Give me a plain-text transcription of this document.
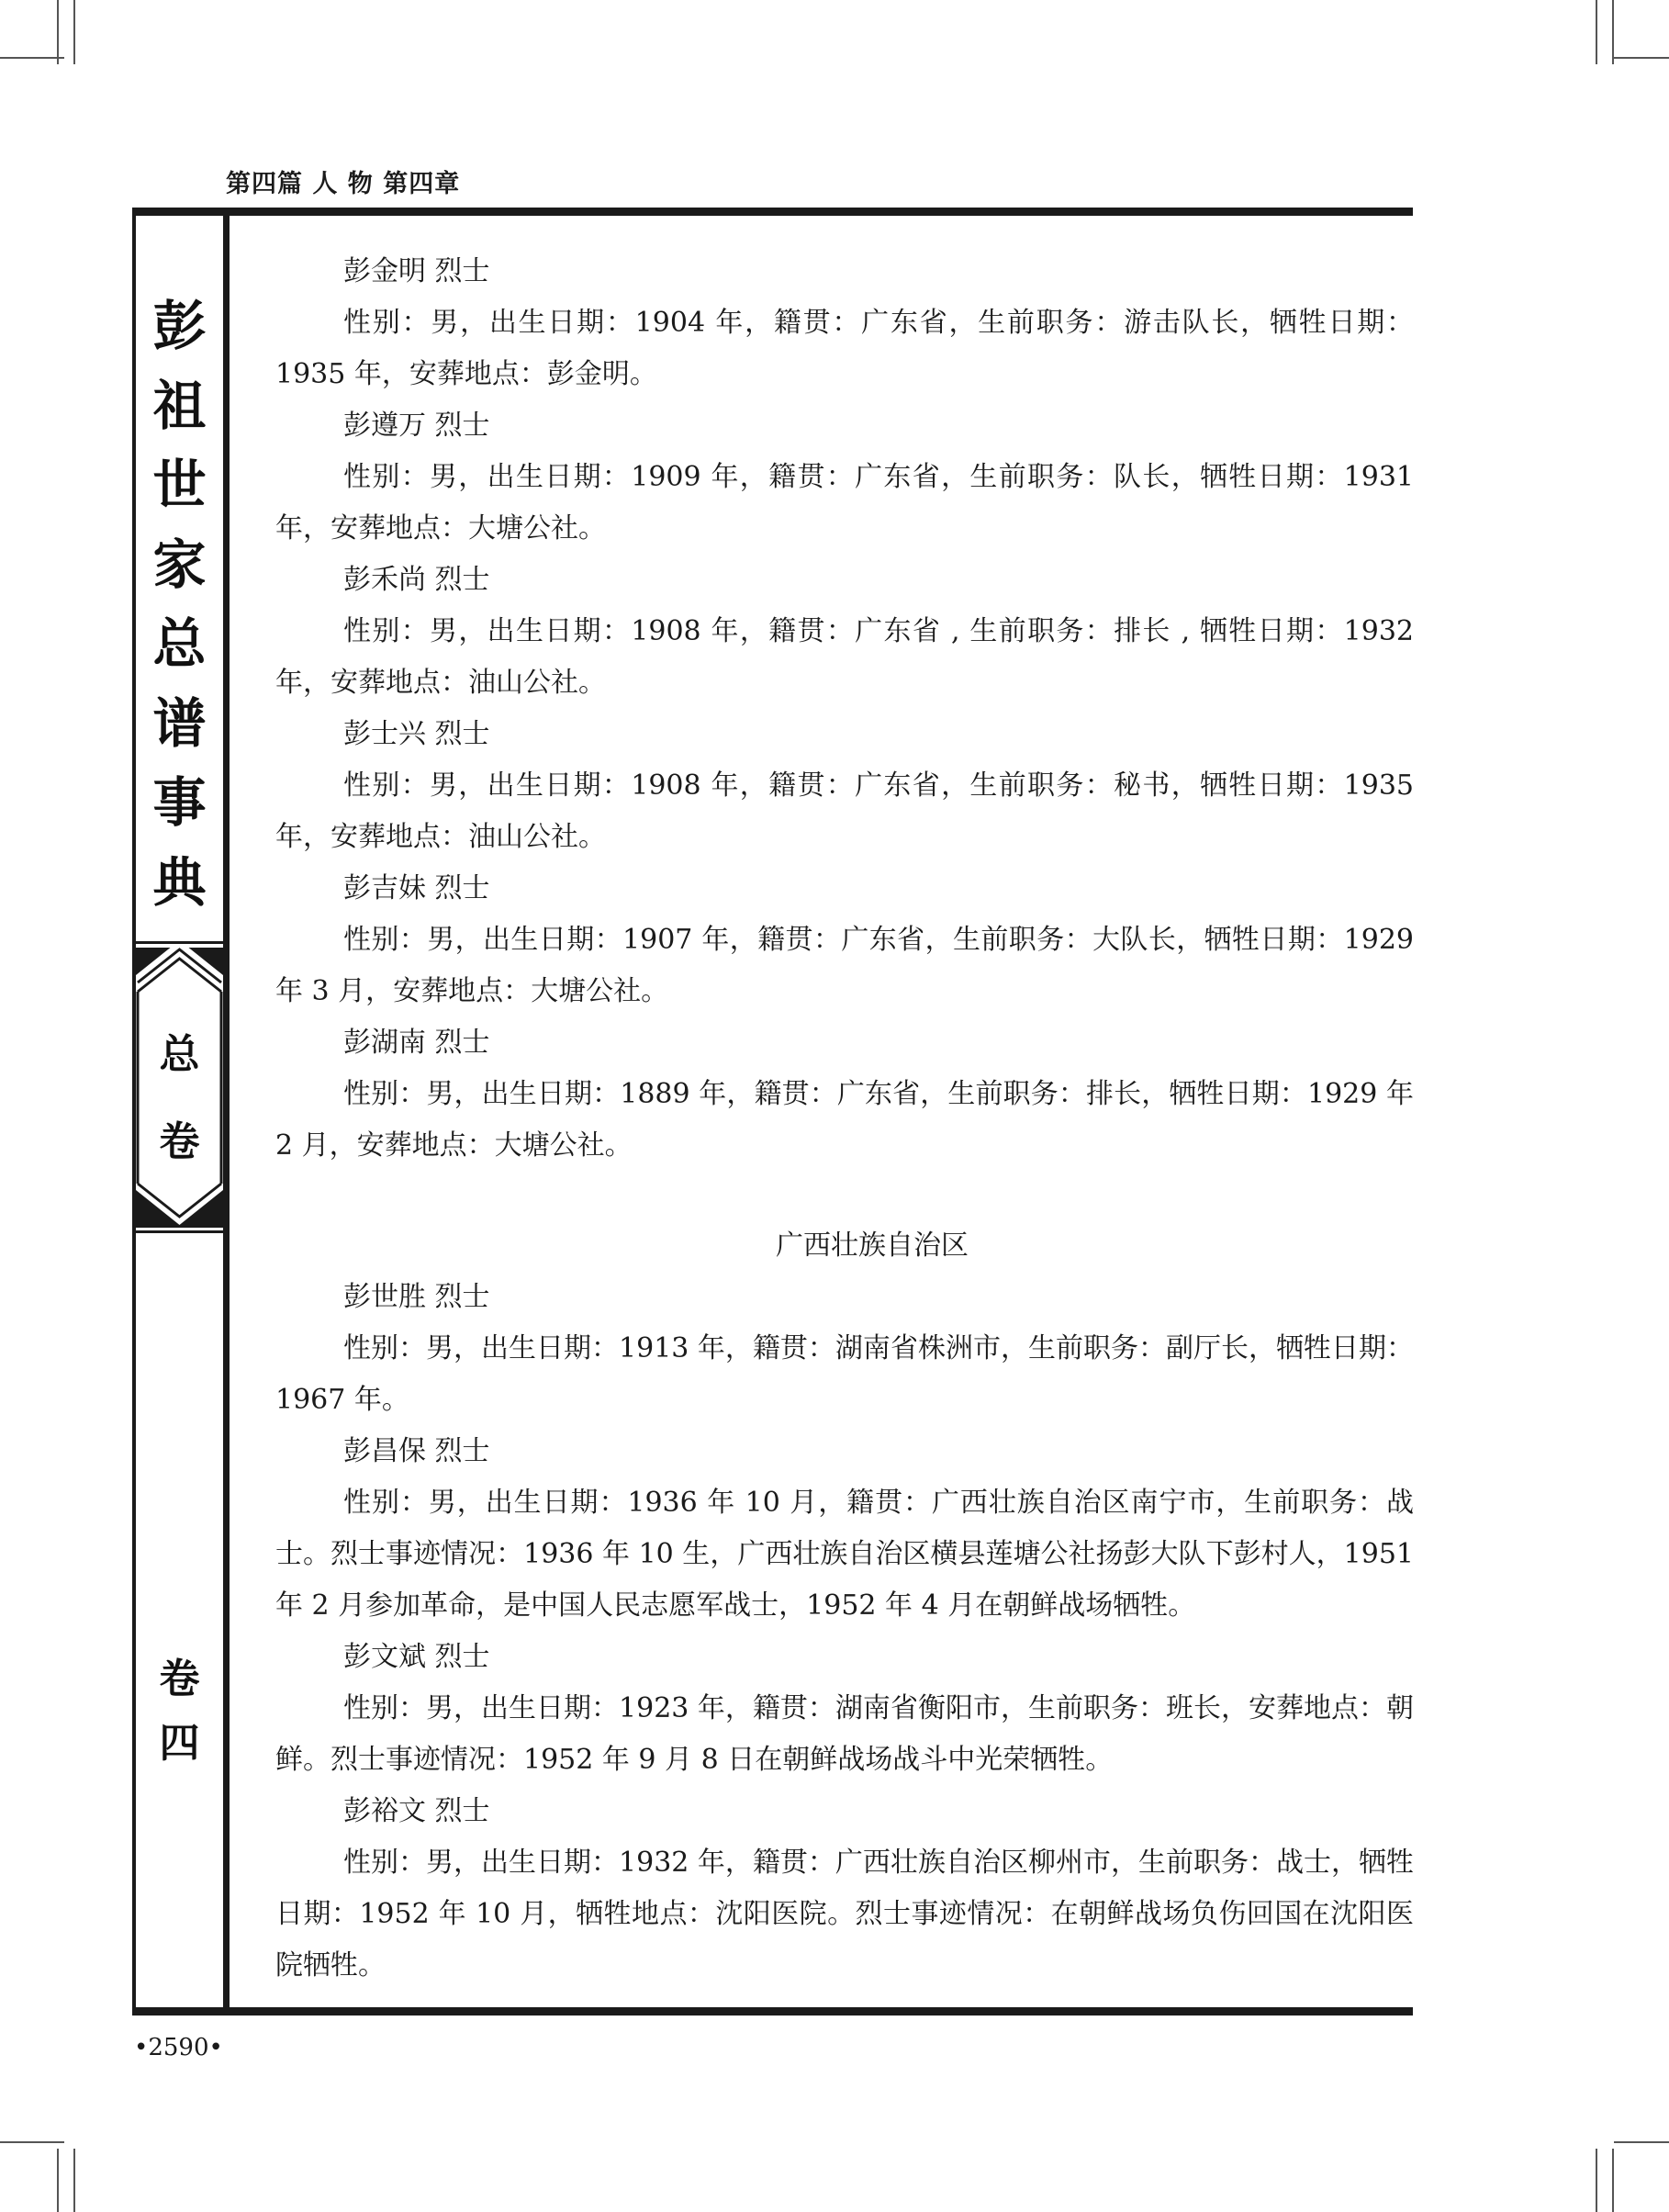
第四篇 人 物 第四章
彭
祖
世
家
总
谱
事
典
总
卷
卷
四
彭金明 烈士

性别：男，出生日期：1904 年，籍贯：广东省，生前职务：游击队长，牺牲日期：1935 年，安葬地点：彭金明。

彭遵万 烈士

性别：男，出生日期：1909 年，籍贯：广东省，生前职务：队长，牺牲日期：1931 年，安葬地点：大塘公社。

彭禾尚 烈士

性别：男，出生日期：1908 年，籍贯：广东省 , 生前职务：排长 , 牺牲日期：1932 年，安葬地点：油山公社。

彭士兴 烈士

性别：男，出生日期：1908 年，籍贯：广东省，生前职务：秘书，牺牲日期：1935 年，安葬地点：油山公社。

彭吉妹 烈士

性别：男，出生日期：1907 年，籍贯：广东省，生前职务：大队长，牺牲日期：1929 年 3 月，安葬地点：大塘公社。

彭湖南 烈士

性别：男，出生日期：1889 年，籍贯：广东省，生前职务：排长，牺牲日期：1929 年 2 月，安葬地点：大塘公社。

广西壮族自治区
彭世胜 烈士

性别：男，出生日期：1913 年，籍贯：湖南省株洲市，生前职务：副厅长，牺牲日期：1967 年。

彭昌保 烈士

性别：男，出生日期：1936 年 10 月，籍贯：广西壮族自治区南宁市，生前职务：战士。烈士事迹情况：1936 年 10 生，广西壮族自治区横县莲塘公社扬彭大队下彭村人，1951 年 2 月参加革命，是中国人民志愿军战士，1952 年 4 月在朝鲜战场牺牲。

彭文斌 烈士

性别：男，出生日期：1923 年，籍贯：湖南省衡阳市，生前职务：班长，安葬地点：朝鲜。烈士事迹情况：1952 年 9 月 8 日在朝鲜战场战斗中光荣牺牲。

彭裕文 烈士

性别：男，出生日期：1932 年，籍贯：广西壮族自治区柳州市，生前职务：战士，牺牲日期：1952 年 10 月，牺牲地点：沈阳医院。烈士事迹情况：在朝鲜战场负伤回国在沈阳医院牺牲。

•2590•
